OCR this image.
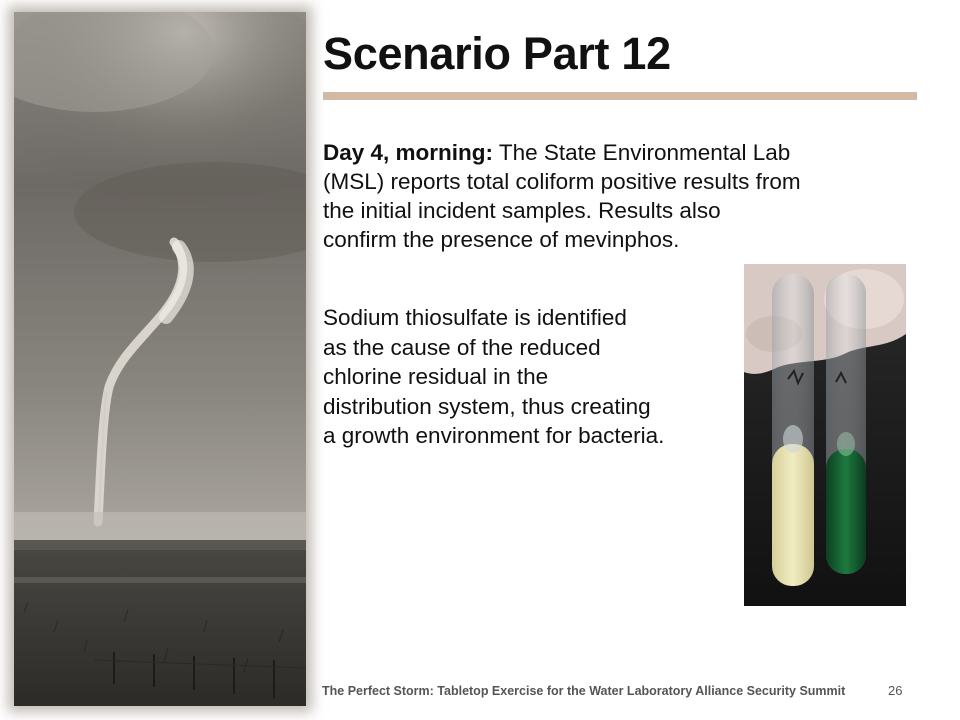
Scenario Part 12
Day 4, morning: The State Environmental Lab
(MSL) reports total coliform positive results from
the initial incident samples. Results also
confirm the presence of mevinphos.
Sodium thiosulfate is identified
as the cause of the reduced
chlorine residual in the
distribution system, thus creating
a growth environment for bacteria.
The Perfect Storm: Tabletop Exercise for the Water Laboratory Alliance Security Summit	26
